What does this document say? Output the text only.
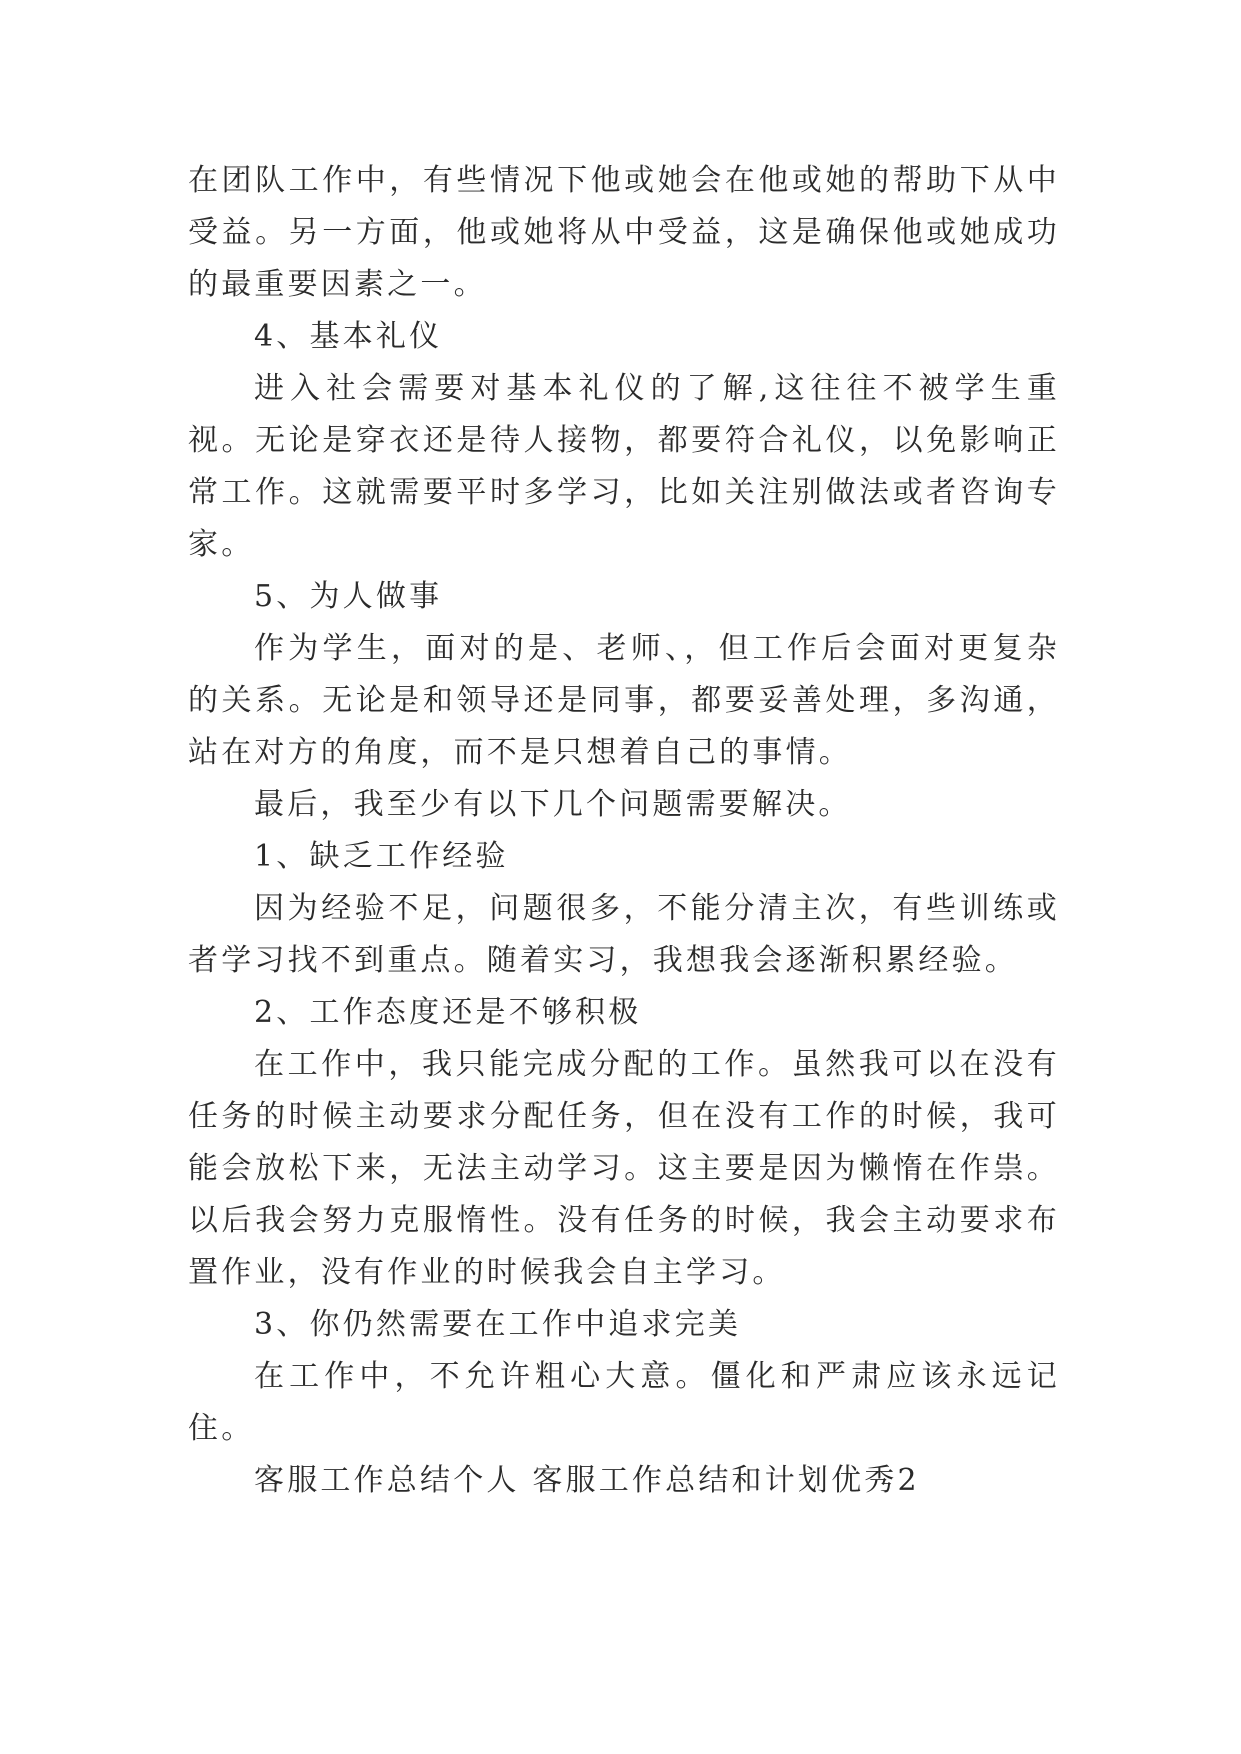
在团队工作中，有些情况下他或她会在他或她的帮助下从中受益。另一方面，他或她将从中受益，这是确保他或她成功的最重要因素之一。

4、基本礼仪

进入社会需要对基本礼仪的了解,这往往不被学生重视。无论是穿衣还是待人接物，都要符合礼仪，以免影响正常工作。这就需要平时多学习，比如关注别做法或者咨询专家。

5、为人做事

作为学生，面对的是、老师、，但工作后会面对更复杂的关系。无论是和领导还是同事，都要妥善处理，多沟通，站在对方的角度，而不是只想着自己的事情。

最后，我至少有以下几个问题需要解决。

1、缺乏工作经验

因为经验不足，问题很多，不能分清主次，有些训练或者学习找不到重点。随着实习，我想我会逐渐积累经验。

2、工作态度还是不够积极

在工作中，我只能完成分配的工作。虽然我可以在没有任务的时候主动要求分配任务，但在没有工作的时候，我可能会放松下来，无法主动学习。这主要是因为懒惰在作祟。以后我会努力克服惰性。没有任务的时候，我会主动要求布置作业，没有作业的时候我会自主学习。

3、你仍然需要在工作中追求完美

在工作中，不允许粗心大意。僵化和严肃应该永远记住。

客服工作总结个人 客服工作总结和计划优秀2
